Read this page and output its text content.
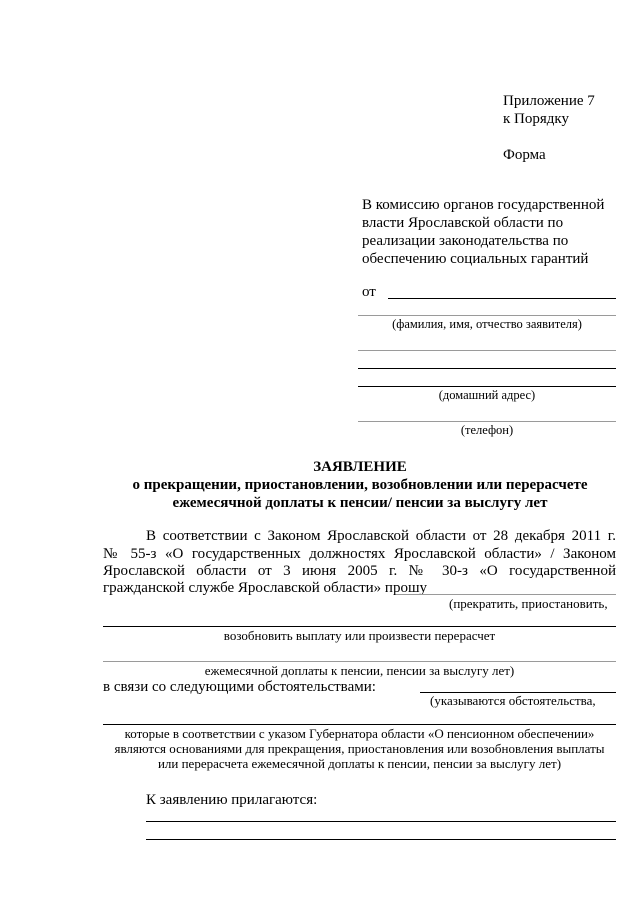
Приложение 7
к Порядку
Форма
В комиссию органов государственной
власти Ярославской области по
реализации законодательства по
обеспечению социальных гарантий
от
(фамилия, имя, отчество заявителя)
(домашний адрес)
(телефон)
ЗАЯВЛЕНИЕ
о прекращении, приостановлении, возобновлении или перерасчете
ежемесячной доплаты к пенсии/ пенсии за выслугу лет
В соответствии с Законом Ярославской области от 28 декабря 2011 г.
№ 55-з «О государственных должностях Ярославской области» / Законом
Ярославской области от 3 июня 2005 г. № 30-з «О государственной
гражданской службе Ярославской области» прошу
(прекратить, приостановить,
возобновить выплату или произвести перерасчет
ежемесячной доплаты к пенсии, пенсии за выслугу лет)
в связи со следующими обстоятельствами:
(указываются обстоятельства,
которые в соответствии с указом Губернатора области «О пенсионном обеспечении»
являются основаниями для прекращения, приостановления или возобновления выплаты
или перерасчета ежемесячной доплаты к пенсии, пенсии за выслугу лет)
К заявлению прилагаются:
